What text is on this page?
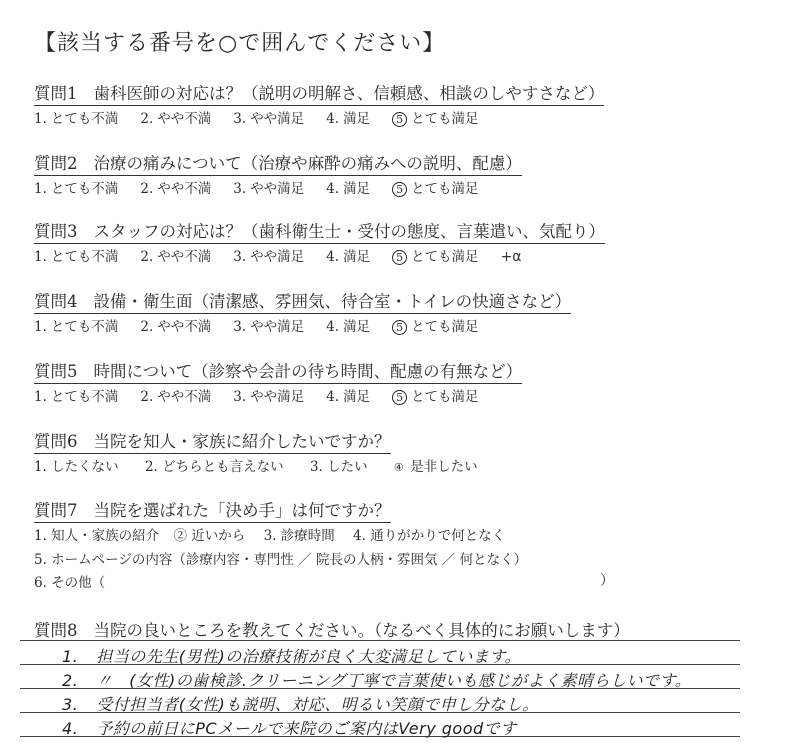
【該当する番号を○で囲んでください】
質問1 歯科医師の対応は？（説明の明解さ、信頼感、相談のしやすさなど）
1. とても不満 2. やや不満 3. やや満足 4. 満足 5 とても満足
質問2 治療の痛みについて（治療や麻酔の痛みへの説明、配慮）
1. とても不満 2. やや不満 3. やや満足 4. 満足 5 とても満足
質問3 スタッフの対応は？（歯科衛生士・受付の態度、言葉遣い、気配り）
1. とても不満 2. やや不満 3. やや満足 4. 満足 5 とても満足 +α
質問4 設備・衛生面（清潔感、雰囲気、待合室・トイレの快適さなど）
1. とても不満 2. やや不満 3. やや満足 4. 満足 5 とても満足
質問5 時間について（診察や会計の待ち時間、配慮の有無など）
1. とても不満 2. やや不満 3. やや満足 4. 満足 5 とても満足
質問6 当院を知人・家族に紹介したいですか？
1. したくない 2. どちらとも言えない 3. したい ④ 是非したい
質問7 当院を選ばれた「決め手」は何ですか？
1. 知人・家族の紹介 ② 近いから 3. 診療時間 4. 通りがかりで何となく
5. ホームページの内容（診療内容・専門性 ／ 院長の人柄・雰囲気 ／ 何となく）
6. その他（	）
質問8 当院の良いところを教えてください。（なるべく具体的にお願いします）
1. 担当の先生(男性)の治療技術が良く大変満足しています。
2. 〃　(女性)の歯検診.クリーニング丁寧で言葉使いも感じがよく素晴らしいです。
3. 受付担当者(女性)も説明、対応、明るい笑顔で申し分なし。
4. 予約の前日にPCメールで来院のご案内はVery goodです
